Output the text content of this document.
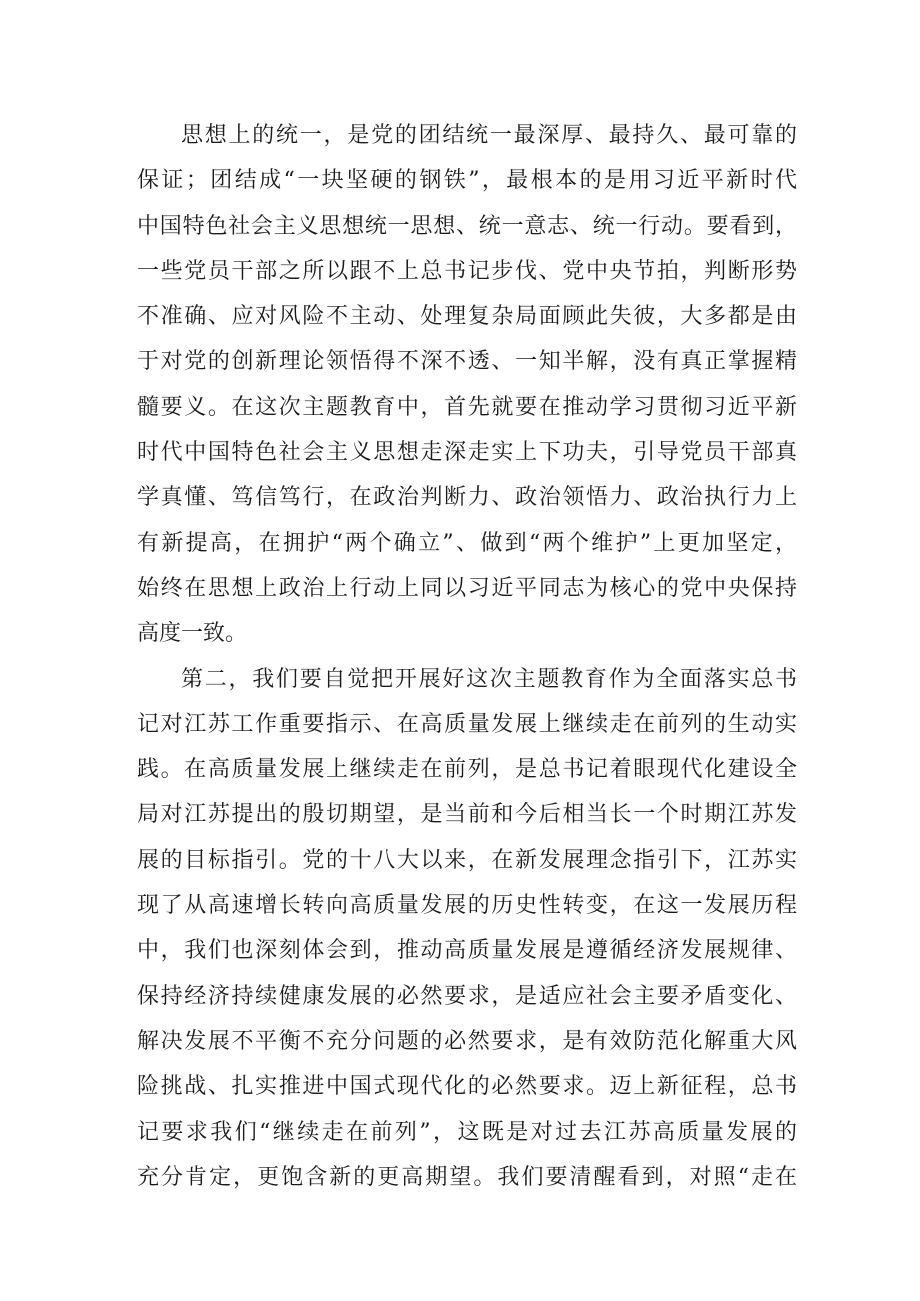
思想上的统一，是党的团结统一最深厚、最持久、最可靠的
保证；团结成“一块坚硬的钢铁”，最根本的是用习近平新时代
中国特色社会主义思想统一思想、统一意志、统一行动。要看到，
一些党员干部之所以跟不上总书记步伐、党中央节拍，判断形势
不准确、应对风险不主动、处理复杂局面顾此失彼，大多都是由
于对党的创新理论领悟得不深不透、一知半解，没有真正掌握精
髓要义。在这次主题教育中，首先就要在推动学习贯彻习近平新
时代中国特色社会主义思想走深走实上下功夫，引导党员干部真
学真懂、笃信笃行，在政治判断力、政治领悟力、政治执行力上
有新提高，在拥护“两个确立”、做到“两个维护”上更加坚定，
始终在思想上政治上行动上同以习近平同志为核心的党中央保持
高度一致。
第二，我们要自觉把开展好这次主题教育作为全面落实总书
记对江苏工作重要指示、在高质量发展上继续走在前列的生动实
践。在高质量发展上继续走在前列，是总书记着眼现代化建设全
局对江苏提出的殷切期望，是当前和今后相当长一个时期江苏发
展的目标指引。党的十八大以来，在新发展理念指引下，江苏实
现了从高速增长转向高质量发展的历史性转变，在这一发展历程
中，我们也深刻体会到，推动高质量发展是遵循经济发展规律、
保持经济持续健康发展的必然要求，是适应社会主要矛盾变化、
解决发展不平衡不充分问题的必然要求，是有效防范化解重大风
险挑战、扎实推进中国式现代化的必然要求。迈上新征程，总书
记要求我们“继续走在前列”，这既是对过去江苏高质量发展的
充分肯定，更饱含新的更高期望。我们要清醒看到，对照“走在
